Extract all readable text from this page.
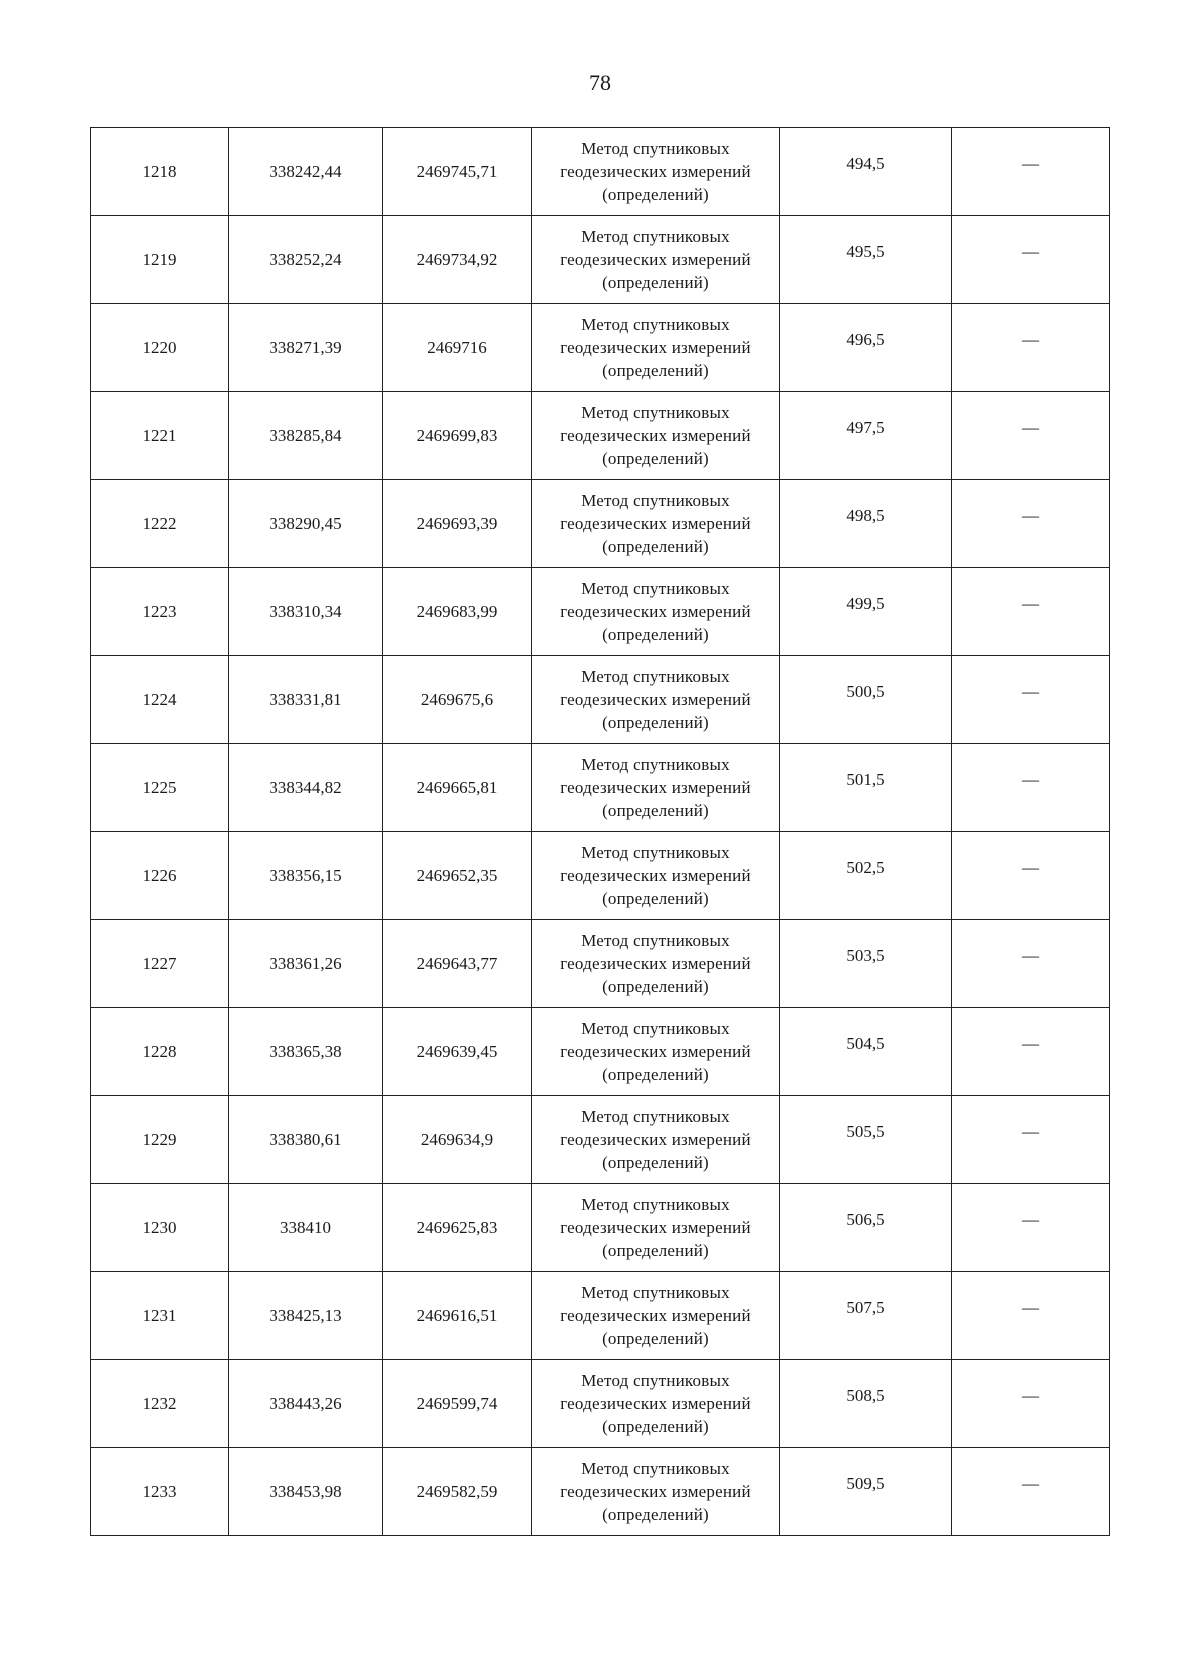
78
1218	338242,44	2469745,71	Метод спутниковых
геодезических измерений
(определений)	494,5	—
1219	338252,24	2469734,92	Метод спутниковых
геодезических измерений
(определений)	495,5	—
1220	338271,39	2469716	Метод спутниковых
геодезических измерений
(определений)	496,5	—
1221	338285,84	2469699,83	Метод спутниковых
геодезических измерений
(определений)	497,5	—
1222	338290,45	2469693,39	Метод спутниковых
геодезических измерений
(определений)	498,5	—
1223	338310,34	2469683,99	Метод спутниковых
геодезических измерений
(определений)	499,5	—
1224	338331,81	2469675,6	Метод спутниковых
геодезических измерений
(определений)	500,5	—
1225	338344,82	2469665,81	Метод спутниковых
геодезических измерений
(определений)	501,5	—
1226	338356,15	2469652,35	Метод спутниковых
геодезических измерений
(определений)	502,5	—
1227	338361,26	2469643,77	Метод спутниковых
геодезических измерений
(определений)	503,5	—
1228	338365,38	2469639,45	Метод спутниковых
геодезических измерений
(определений)	504,5	—
1229	338380,61	2469634,9	Метод спутниковых
геодезических измерений
(определений)	505,5	—
1230	338410	2469625,83	Метод спутниковых
геодезических измерений
(определений)	506,5	—
1231	338425,13	2469616,51	Метод спутниковых
геодезических измерений
(определений)	507,5	—
1232	338443,26	2469599,74	Метод спутниковых
геодезических измерений
(определений)	508,5	—
1233	338453,98	2469582,59	Метод спутниковых
геодезических измерений
(определений)	509,5	—
